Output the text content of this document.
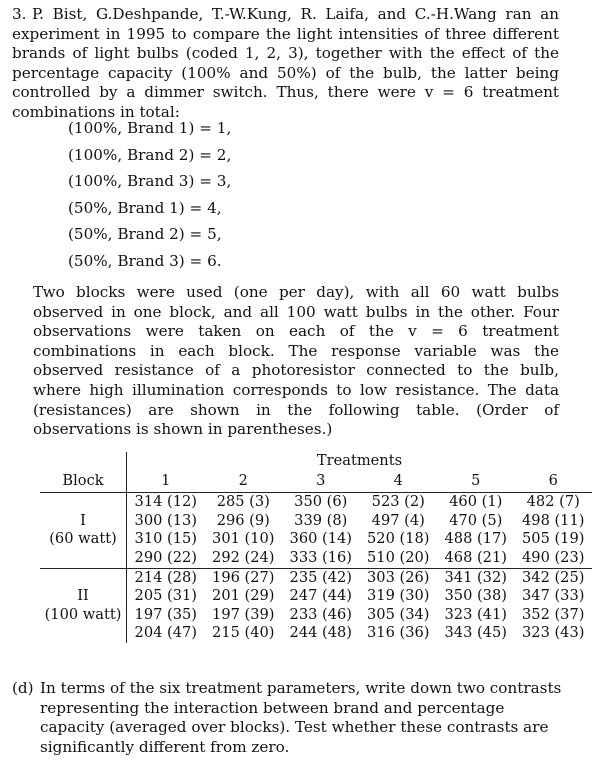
3. P. Bist, G.Deshpande, T.-W.Kung, R. Laifa, and C.-H.Wang ran an experiment in 1995 to compare the light intensities of three different brands of light bulbs (coded 1, 2, 3), together with the effect of the percentage capacity (100% and 50%) of the bulb, the latter being controlled by a dimmer switch. Thus, there were v = 6 treatment combinations in total:

(100%, Brand 1) = 1,
(100%, Brand 2) = 2,
(100%, Brand 3) = 3,
(50%, Brand 1) = 4,
(50%, Brand 2) = 5,
(50%, Brand 3) = 6.

Two blocks were used (one per day), with all 60 watt bulbs observed in one block, and all 100 watt bulbs in the other. Four observations were taken on each of the v = 6 treatment combinations in each block. The response variable was the observed resistance of a photoresistor connected to the bulb, where high illumination corresponds to low resistance. The data (resistances) are shown in the following table. (Order of observations is shown in parentheses.)

	Treatments					
Block	1	2	3	4	5	6
	314 (12)	285 (3)	350 (6)	523 (2)	460 (1)	482 (7)
I	300 (13)	296 (9)	339 (8)	497 (4)	470 (5)	498 (11)
(60 watt)	310 (15)	301 (10)	360 (14)	520 (18)	488 (17)	505 (19)
	290 (22)	292 (24)	333 (16)	510 (20)	468 (21)	490 (23)
	214 (28)	196 (27)	235 (42)	303 (26)	341 (32)	342 (25)
II	205 (31)	201 (29)	247 (44)	319 (30)	350 (38)	347 (33)
(100 watt)	197 (35)	197 (39)	233 (46)	305 (34)	323 (41)	352 (37)
	204 (47)	215 (40)	244 (48)	316 (36)	343 (45)	323 (43)
(d) In terms of the six treatment parameters, write down two contrasts representing the interaction between brand and percentage capacity (averaged over blocks). Test whether these contrasts are significantly different from zero.
